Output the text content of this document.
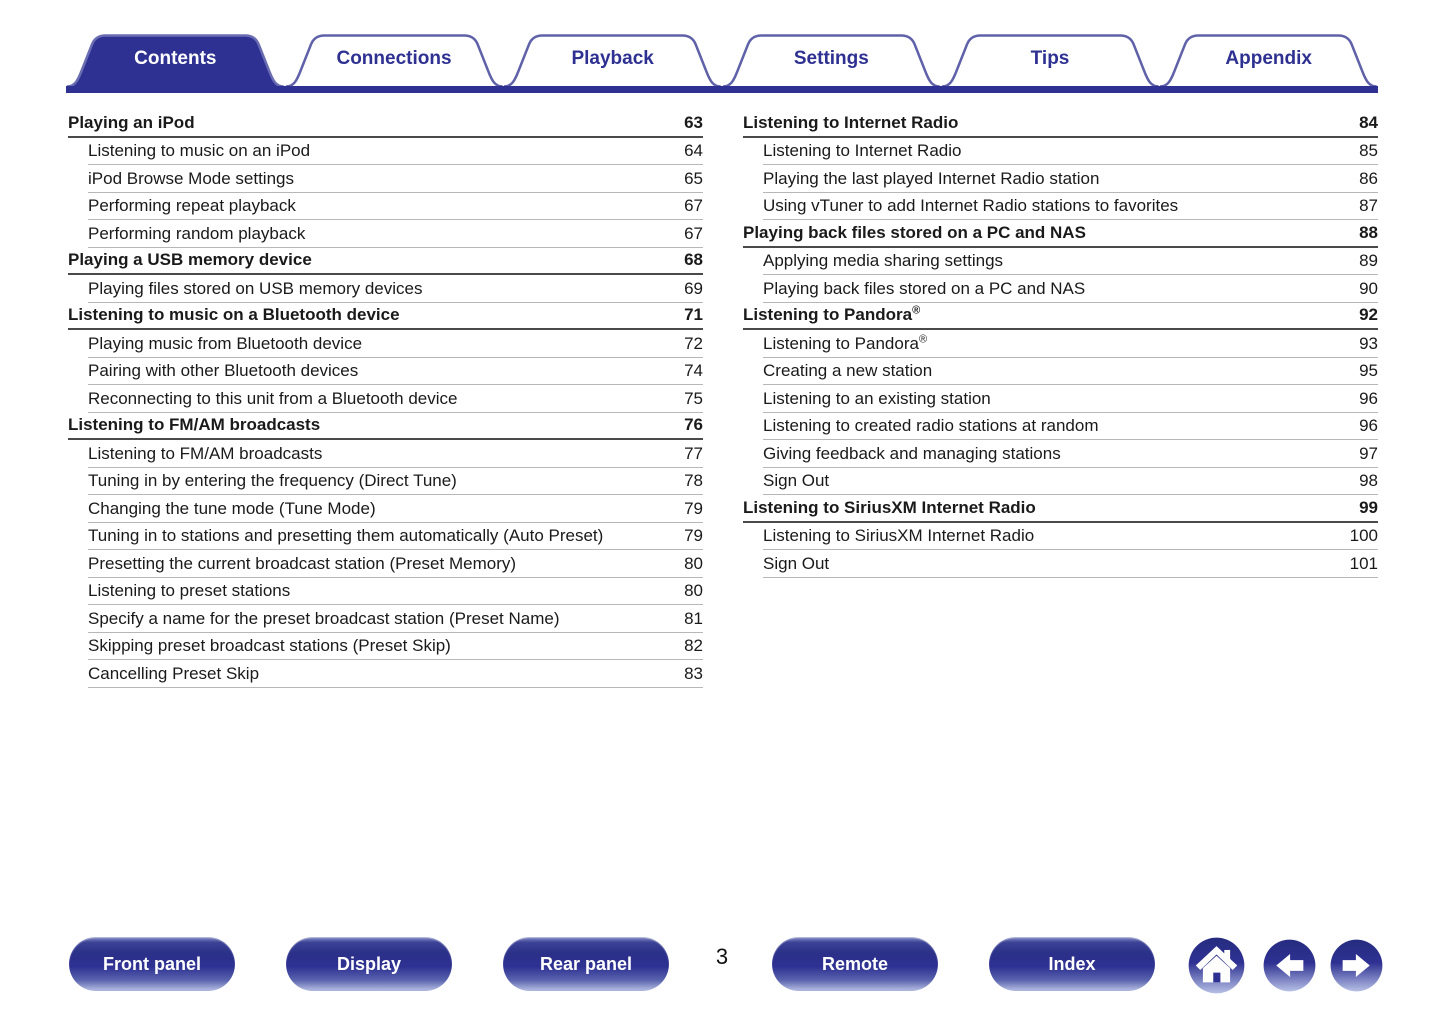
Contents	Connections	Playback	Settings	Tips	Appendix
Playing an iPod	63
Listening to music on an iPod	64
iPod Browse Mode settings	65
Performing repeat playback	67
Performing random playback	67
Playing a USB memory device	68
Playing files stored on USB memory devices	69
Listening to music on a Bluetooth device	71
Playing music from Bluetooth device	72
Pairing with other Bluetooth devices	74
Reconnecting to this unit from a Bluetooth device	75
Listening to FM/AM broadcasts	76
Listening to FM/AM broadcasts	77
Tuning in by entering the frequency (Direct Tune)	78
Changing the tune mode (Tune Mode)	79
Tuning in to stations and presetting them automatically (Auto Preset)	79
Presetting the current broadcast station (Preset Memory)	80
Listening to preset stations	80
Specify a name for the preset broadcast station (Preset Name)	81
Skipping preset broadcast stations (Preset Skip)	82
Cancelling Preset Skip	83
Listening to Internet Radio	84
Listening to Internet Radio	85
Playing the last played Internet Radio station	86
Using vTuner to add Internet Radio stations to favorites	87
Playing back files stored on a PC and NAS	88
Applying media sharing settings	89
Playing back files stored on a PC and NAS	90
Listening to Pandora®	92
Listening to Pandora®	93
Creating a new station	95
Listening to an existing station	96
Listening to created radio stations at random	96
Giving feedback and managing stations	97
Sign Out	98
Listening to SiriusXM Internet Radio	99
Listening to SiriusXM Internet Radio	100
Sign Out	101
3
Front panel	Display	Rear panel	Remote	Index
